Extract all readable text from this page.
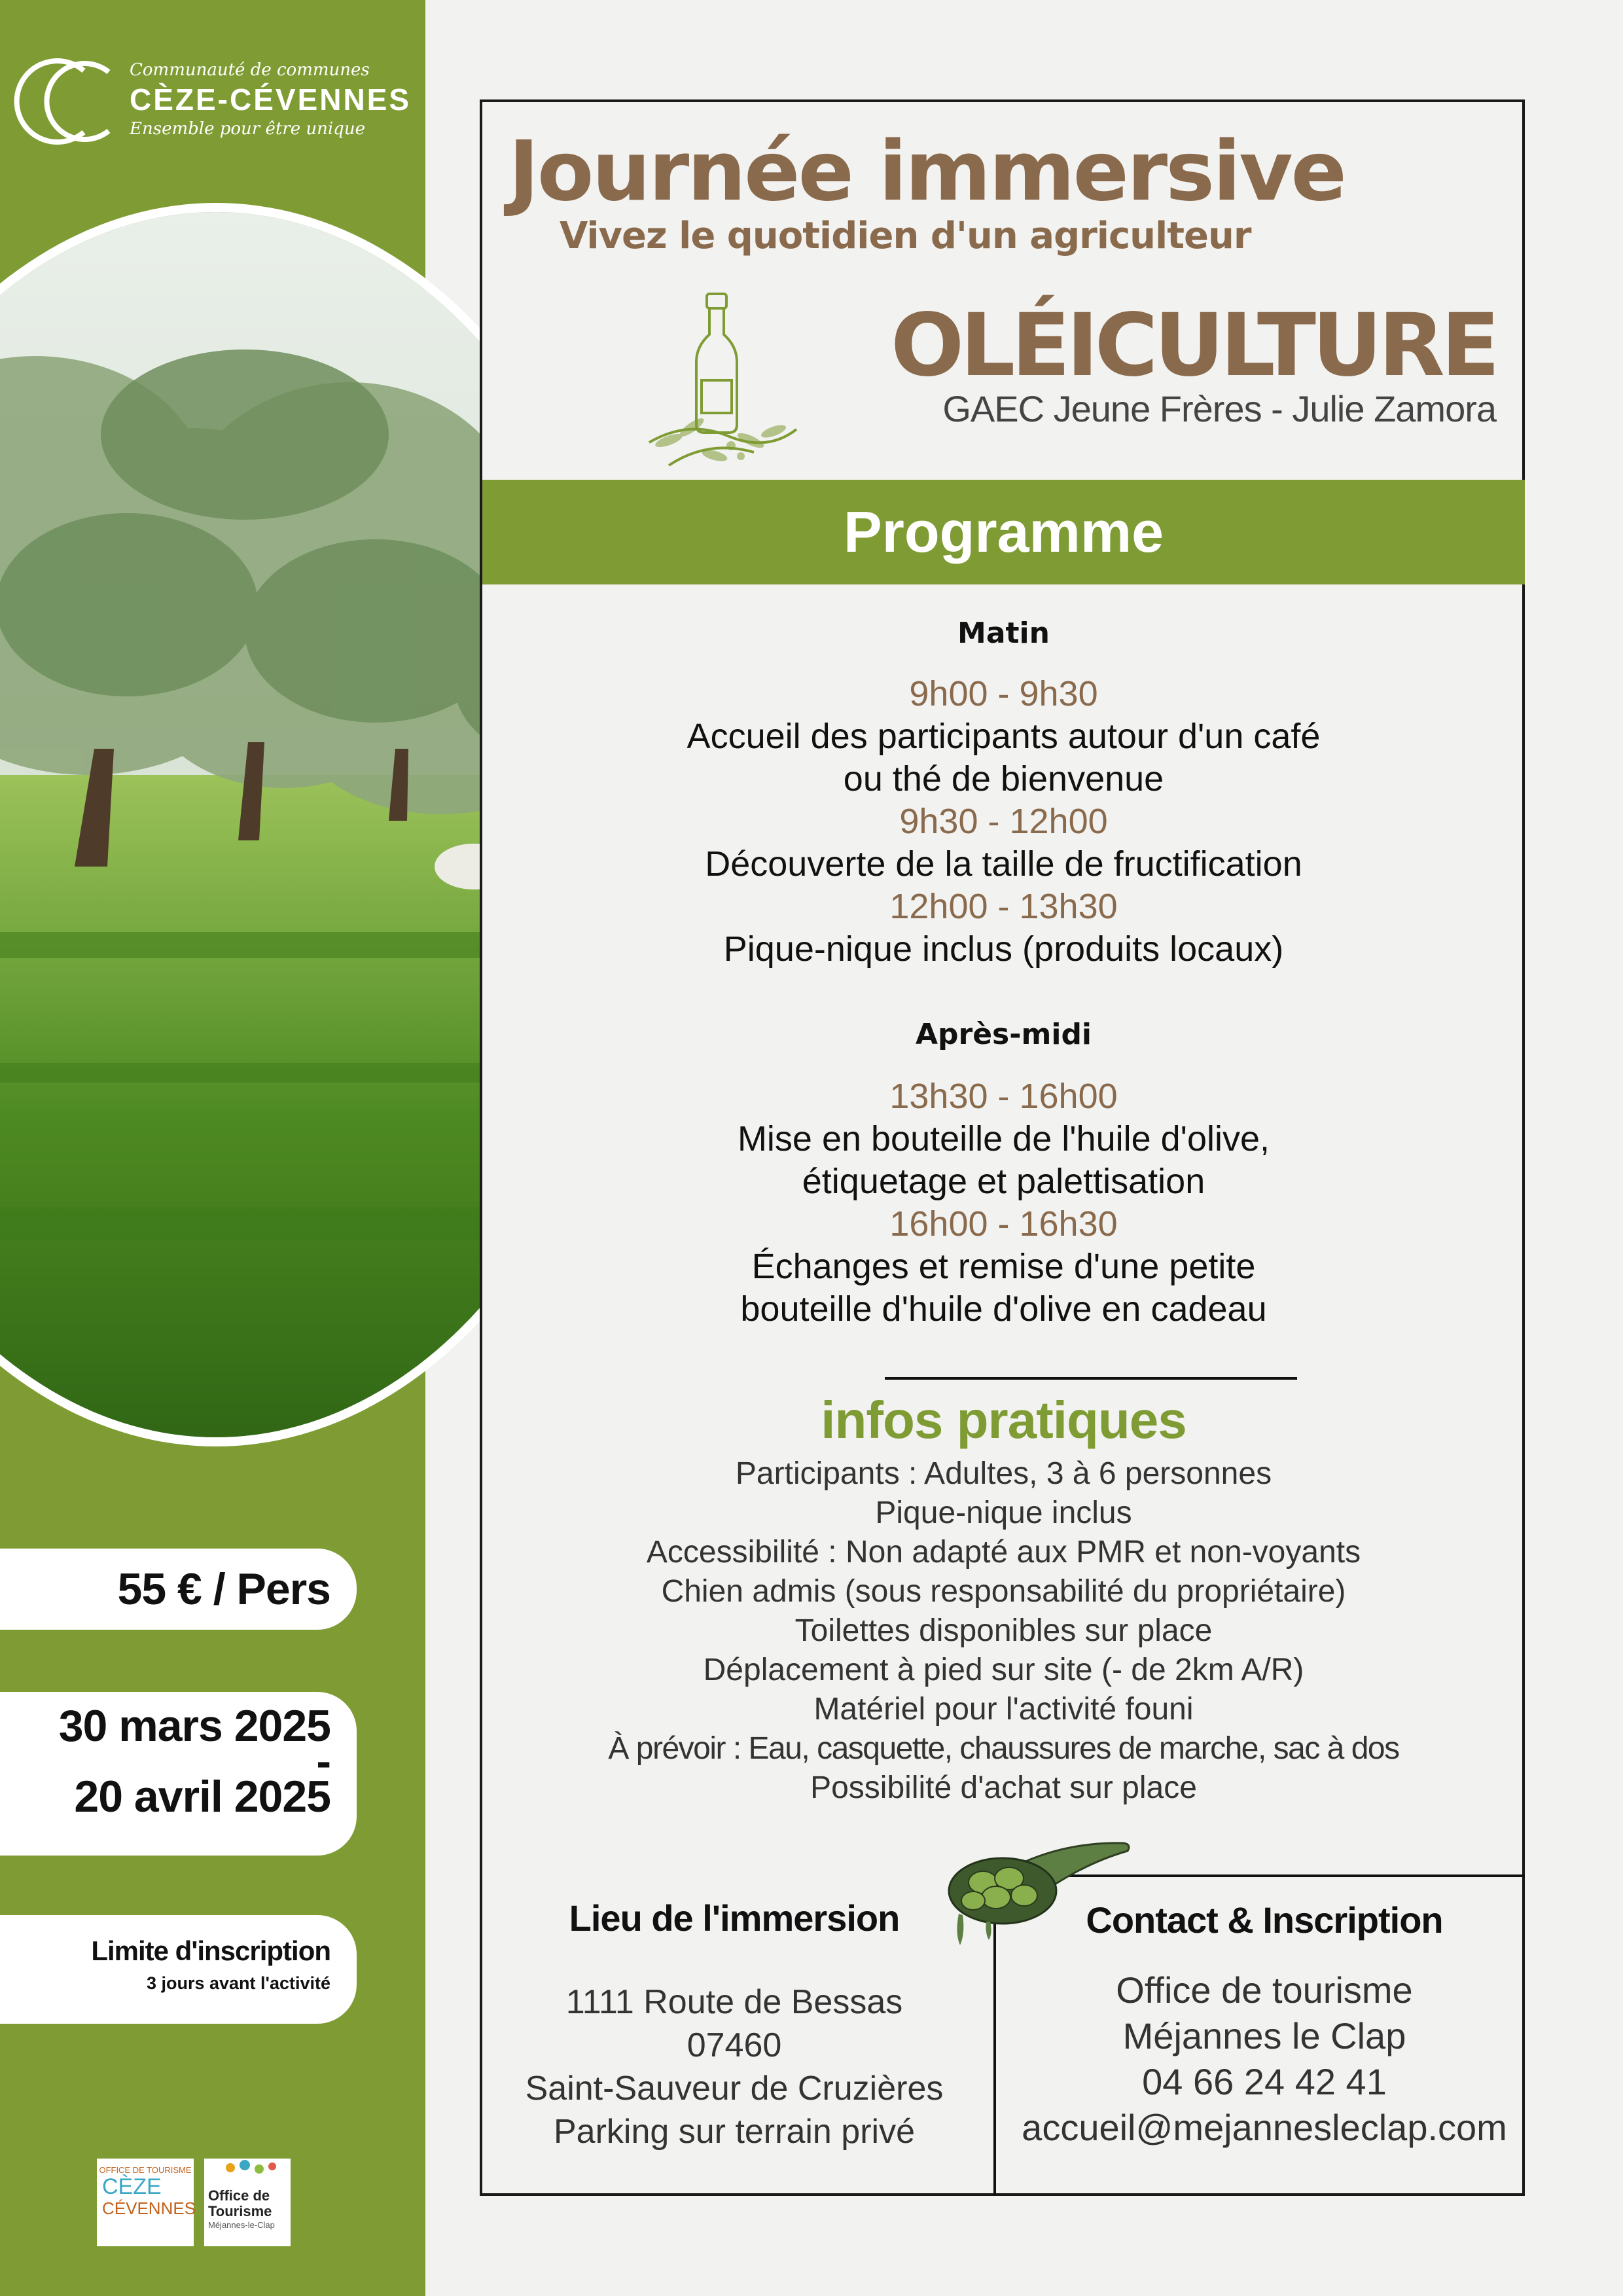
Communauté de communes
CÈZE-CÉVENNES
Ensemble pour être unique
55 € / Pers
30 mars 2025
-
20 avril 2025
Limite d'inscription
3 jours avant l'activité
OFFICE DE TOURISME
CÈZE
CÉVENNES
Office de
Tourisme
Méjannes-le-Clap
Journée immersive
Vivez le quotidien d'un agriculteur
OLÉICULTURE
GAEC Jeune Frères - Julie Zamora
Programme
Matin
9h00 - 9h30
Accueil des participants autour d'un café
ou thé de bienvenue
9h30 - 12h00
Découverte de la taille de fructification
12h00 - 13h30
Pique-nique inclus (produits locaux)
Après-midi
13h30 - 16h00
Mise en bouteille de l'huile d'olive,
étiquetage et palettisation
16h00 - 16h30
Échanges et remise d'une petite
bouteille d'huile d'olive en cadeau
infos pratiques
Participants : Adultes, 3 à 6 personnes
Pique-nique inclus
Accessibilité : Non adapté aux PMR et non-voyants
Chien admis (sous responsabilité du propriétaire)
Toilettes disponibles sur place
Déplacement à pied sur site (- de 2km A/R)
Matériel pour l'activité founi
À prévoir : Eau, casquette, chaussures de marche, sac à dos
Possibilité d'achat sur place
Lieu de l'immersion
1111 Route de Bessas
07460
Saint-Sauveur de Cruzières
Parking sur terrain privé
Contact & Inscription
Office de tourisme
Méjannes le Clap
04 66 24 42 41
accueil@mejannesleclap.com
